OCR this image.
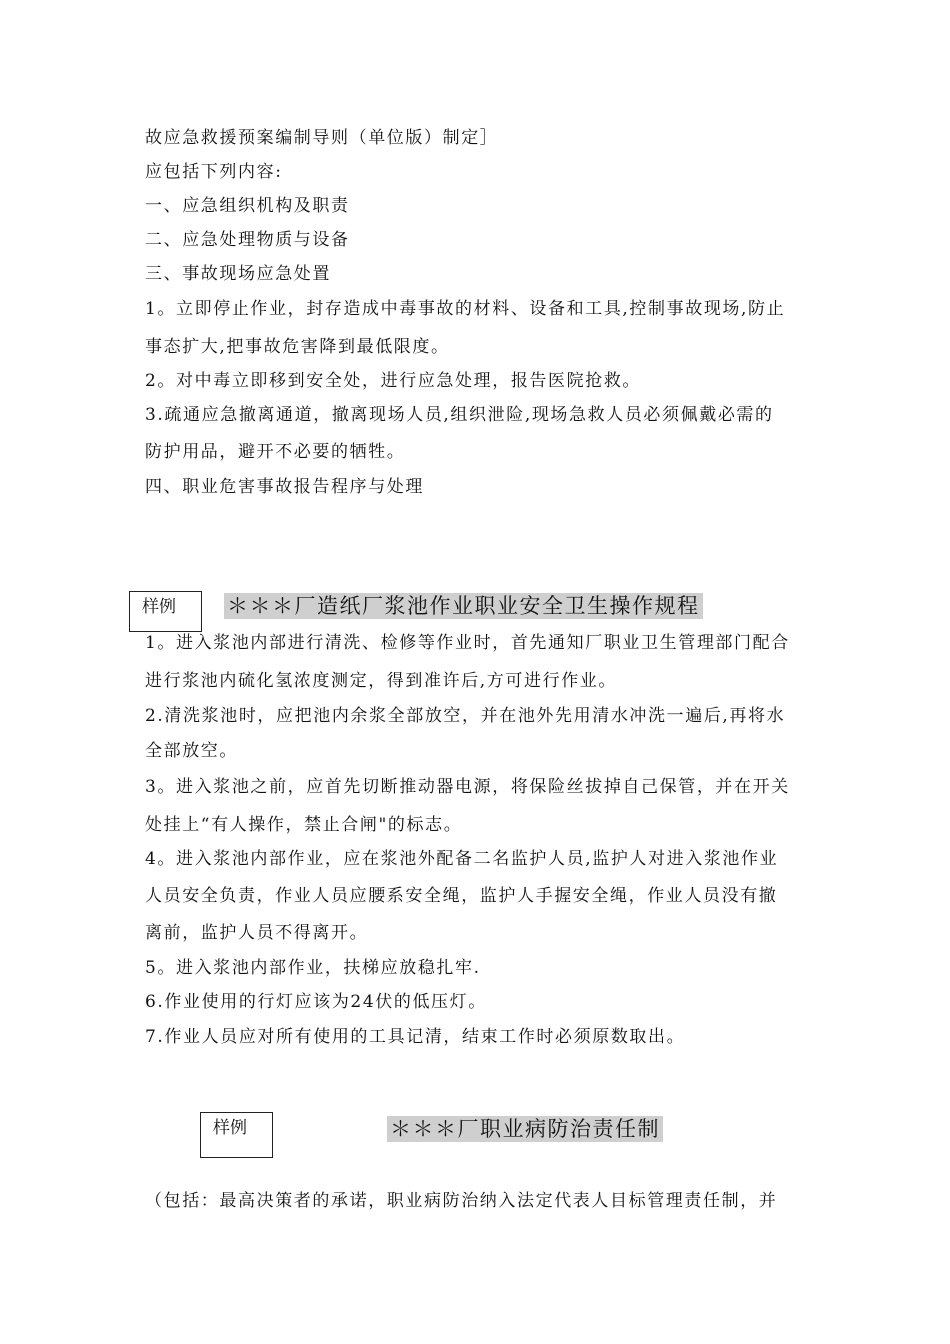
故应急救援预案编制导则（单位版）制定］
应包括下列内容:
一、应急组织机构及职责
二、应急处理物质与设备
三、事故现场应急处置
1。立即停止作业，封存造成中毒事故的材料、设备和工具,控制事故现场,防止
事态扩大,把事故危害降到最低限度。
2。对中毒立即移到安全处，进行应急处理，报告医院抢救。
3.疏通应急撤离通道，撤离现场人员,组织泄险,现场急救人员必须佩戴必需的
防护用品，避开不必要的牺牲。
四、职业危害事故报告程序与处理
样例	＊＊＊厂造纸厂浆池作业职业安全卫生操作规程
1。进入浆池内部进行清洗、检修等作业时，首先通知厂职业卫生管理部门配合
进行浆池内硫化氢浓度测定，得到准许后,方可进行作业。
2.清洗浆池时，应把池内余浆全部放空，并在池外先用清水冲洗一遍后,再将水
全部放空。
3。进入浆池之前，应首先切断推动器电源，将保险丝拔掉自己保管，并在开关
处挂上“有人操作，禁止合闸"的标志。
4。进入浆池内部作业，应在浆池外配备二名监护人员,监护人对进入浆池作业
人员安全负责，作业人员应腰系安全绳，监护人手握安全绳，作业人员没有撤
离前，监护人员不得离开。
5。进入浆池内部作业，扶梯应放稳扎牢.
6.作业使用的行灯应该为24伏的低压灯。
7.作业人员应对所有使用的工具记清，结束工作时必须原数取出。
样例	＊＊＊厂职业病防治责任制
（包括：最高决策者的承诺，职业病防治纳入法定代表人目标管理责任制，并
